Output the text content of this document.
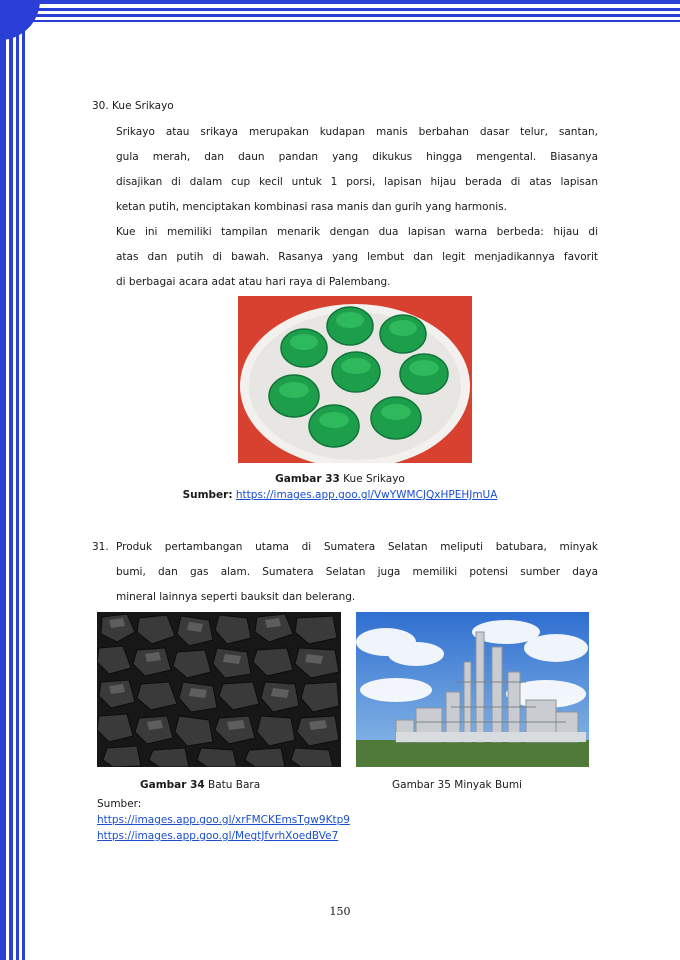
30. Kue Srikayo
Srikayo atau srikaya merupakan kudapan manis berbahan dasar telur, santan,
gula merah, dan daun pandan yang dikukus hingga mengental. Biasanya
disajikan di dalam cup kecil untuk 1 porsi, lapisan hijau berada di atas lapisan
ketan putih, menciptakan kombinasi rasa manis dan gurih yang harmonis.
Kue ini memiliki tampilan menarik dengan dua lapisan warna berbeda: hijau di
atas dan putih di bawah. Rasanya yang lembut dan legit menjadikannya favorit
di berbagai acara adat atau hari raya di Palembang.
Gambar 33 Kue Srikayo
Sumber: https://images.app.goo.gl/VwYWMCJQxHPEHJmUA
31. Produk pertambangan utama di Sumatera Selatan meliputi batubara, minyak
bumi, dan gas alam. Sumatera Selatan juga memiliki potensi sumber daya
mineral lainnya seperti bauksit dan belerang.
Gambar 34 Batu Bara	Gambar 35 Minyak Bumi
Sumber:
https://images.app.goo.gl/xrFMCKEmsTgw9Ktp9
https://images.app.goo.gl/MegtJfvrhXoedBVe7
150
